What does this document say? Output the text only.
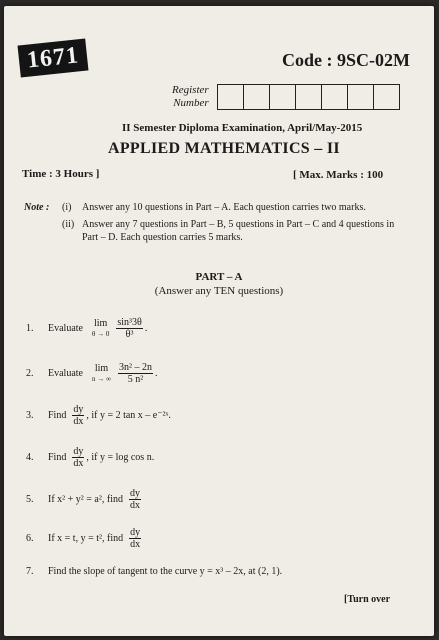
1671	Code : 9SC-02M
Register
Number
II Semester Diploma Examination, April/May-2015
APPLIED MATHEMATICS – II
Time : 3 Hours ]	[ Max. Marks : 100
Note : (i) Answer any 10 questions in Part – A. Each question carries two marks.
(ii) Answer any 7 questions in Part – B, 5 questions in Part – C and 4 questions in Part – D. Each question carries 5 marks.
PART – A
(Answer any TEN questions)
1.	Evaluate lim
$\theta \to 0 \frac{\text{sin³3θ}}{\text{θ³}}$ .
2.	Evaluate lim
n → ∞ $\frac{\text{3n² – 2n}}{\text{5 n²}}$ .
3.	Find $\frac{dy}{dx}$ , if y = 2 tan x – e⁻²ˣ.
4.	Find $\frac{dy}{dx}$ , if y = log cos n.
5.	If x² + y² = a², find $\frac{dy}{dx}$
6.	If x = t, y = t², find $\frac{dy}{dx}$
7.	Find the slope of tangent to the curve y = x³ – 2x, at (2, 1).
[Turn over
